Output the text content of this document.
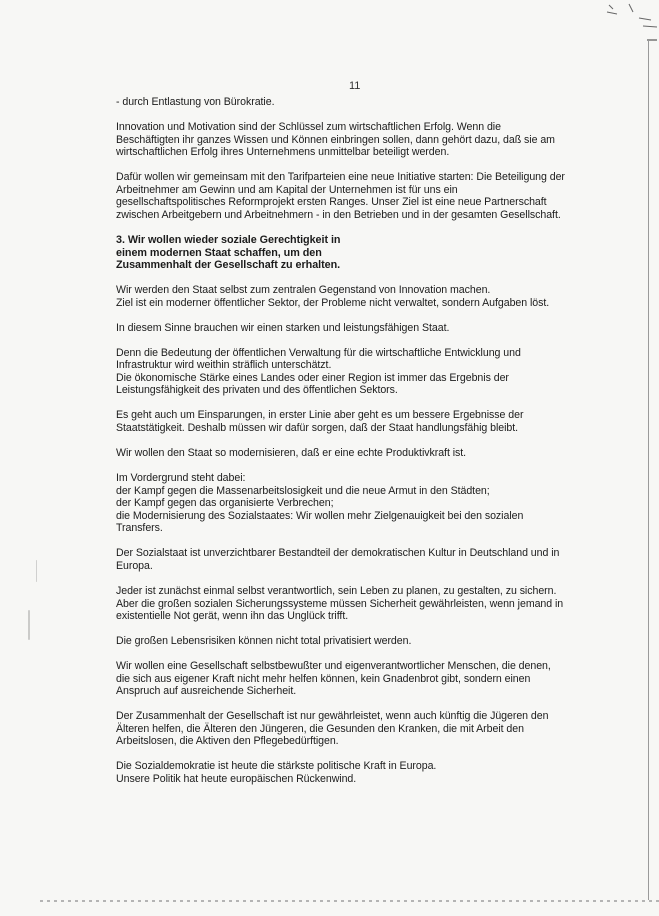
11

- durch Entlastung von Bürokratie.

Innovation und Motivation sind der Schlüssel zum wirtschaftlichen Erfolg. Wenn die Beschäftigten ihr ganzes Wissen und Können einbringen sollen, dann gehört dazu, daß sie am wirtschaftlichen Erfolg ihres Unternehmens unmittelbar beteiligt werden.

Dafür wollen wir gemeinsam mit den Tarifparteien eine neue Initiative starten: Die Beteiligung der Arbeitnehmer am Gewinn und am Kapital der Unternehmen ist für uns ein gesellschaftspolitisches Reformprojekt ersten Ranges. Unser Ziel ist eine neue Partnerschaft zwischen Arbeitgebern und Arbeitnehmern - in den Betrieben und in der gesamten Gesellschaft.

3. Wir wollen wieder soziale Gerechtigkeit in
einem modernen Staat schaffen, um den
Zusammenhalt der Gesellschaft zu erhalten.

Wir werden den Staat selbst zum zentralen Gegenstand von Innovation machen.
Ziel ist ein moderner öffentlicher Sektor, der Probleme nicht verwaltet, sondern Aufgaben löst.

In diesem Sinne brauchen wir einen starken und leistungsfähigen Staat.

Denn die Bedeutung der öffentlichen Verwaltung für die wirtschaftliche Entwicklung und Infrastruktur wird weithin sträflich unterschätzt.
Die ökonomische Stärke eines Landes oder einer Region ist immer das Ergebnis der Leistungsfähigkeit des privaten und des öffentlichen Sektors.

Es geht auch um Einsparungen, in erster Linie aber geht es um bessere Ergebnisse der Staatstätigkeit. Deshalb müssen wir dafür sorgen, daß der Staat handlungsfähig bleibt.

Wir wollen den Staat so modernisieren, daß er eine echte Produktivkraft ist.

Im Vordergrund steht dabei:
der Kampf gegen die Massenarbeitslosigkeit und die neue Armut in den Städten;
der Kampf gegen das organisierte Verbrechen;
die Modernisierung des Sozialstaates: Wir wollen mehr Zielgenauigkeit bei den sozialen Transfers.

Der Sozialstaat ist unverzichtbarer Bestandteil der demokratischen Kultur in Deutschland und in Europa.

Jeder ist zunächst einmal selbst verantwortlich, sein Leben zu planen, zu gestalten, zu sichern.
Aber die großen sozialen Sicherungssysteme müssen Sicherheit gewährleisten, wenn jemand in existentielle Not gerät, wenn ihn das Unglück trifft.

Die großen Lebensrisiken können nicht total privatisiert werden.

Wir wollen eine Gesellschaft selbstbewußter und eigenverantwortlicher Menschen, die denen, die sich aus eigener Kraft nicht mehr helfen können, kein Gnadenbrot gibt, sondern einen Anspruch auf ausreichende Sicherheit.

Der Zusammenhalt der Gesellschaft ist nur gewährleistet, wenn auch künftig die Jügeren den Älteren helfen, die Älteren den Jüngeren, die Gesunden den Kranken, die mit Arbeit den Arbeitslosen, die Aktiven den Pflegebedürftigen.

Die Sozialdemokratie ist heute die stärkste politische Kraft in Europa.
Unsere Politik hat heute europäischen Rückenwind.
